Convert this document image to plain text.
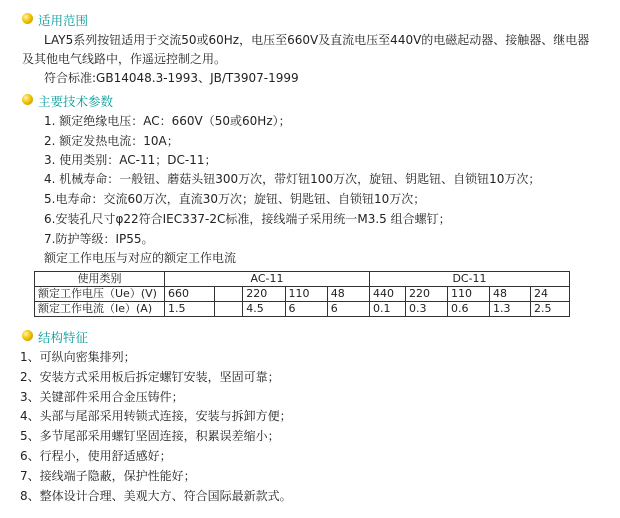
适用范围
LAY5系列按钮适用于交流50或60Hz，电压至660V及直流电压至440V的电磁起动器、接触器、继电器
及其他电气线路中，作遥远控制之用。
符合标准:GB14048.3-1993、JB/T3907-1999
主要技术参数
1. 额定绝缘电压：AC：660V（50或60Hz）；
2. 额定发热电流：10A；
3. 使用类别：AC-11；DC-11；
4. 机械寿命：一般钮、蘑菇头钮300万次，带灯钮100万次，旋钮、钥匙钮、自锁钮10万次；
5.电寿命：交流60万次，直流30万次；旋钮、钥匙钮、自锁钮10万次；
6.安装孔尺寸φ22符合IEC337-2C标准，接线端子采用统一M3.5 组合螺钉；
7.防护等级：IP55。
额定工作电压与对应的额定工作电流
使用类别	AC-11					DC-11				
额定工作电压（Ue）(V)	660		220	110	48	440	220	110	48	24
额定工作电流（Ie）(A)	1.5		4.5	6	6	0.1	0.3	0.6	1.3	2.5
结构特征
1、可纵向密集排列；
2、安装方式采用板后拆定螺钉安装，坚固可靠；
3、关键部件采用合金压铸件；
4、头部与尾部采用转锁式连接，安装与拆卸方便；
5、多节尾部采用螺钉坚固连接，积累误差缩小；
6、行程小，使用舒适感好；
7、接线端子隐蔽，保护性能好；
8、整体设计合理、美观大方、符合国际最新款式。
